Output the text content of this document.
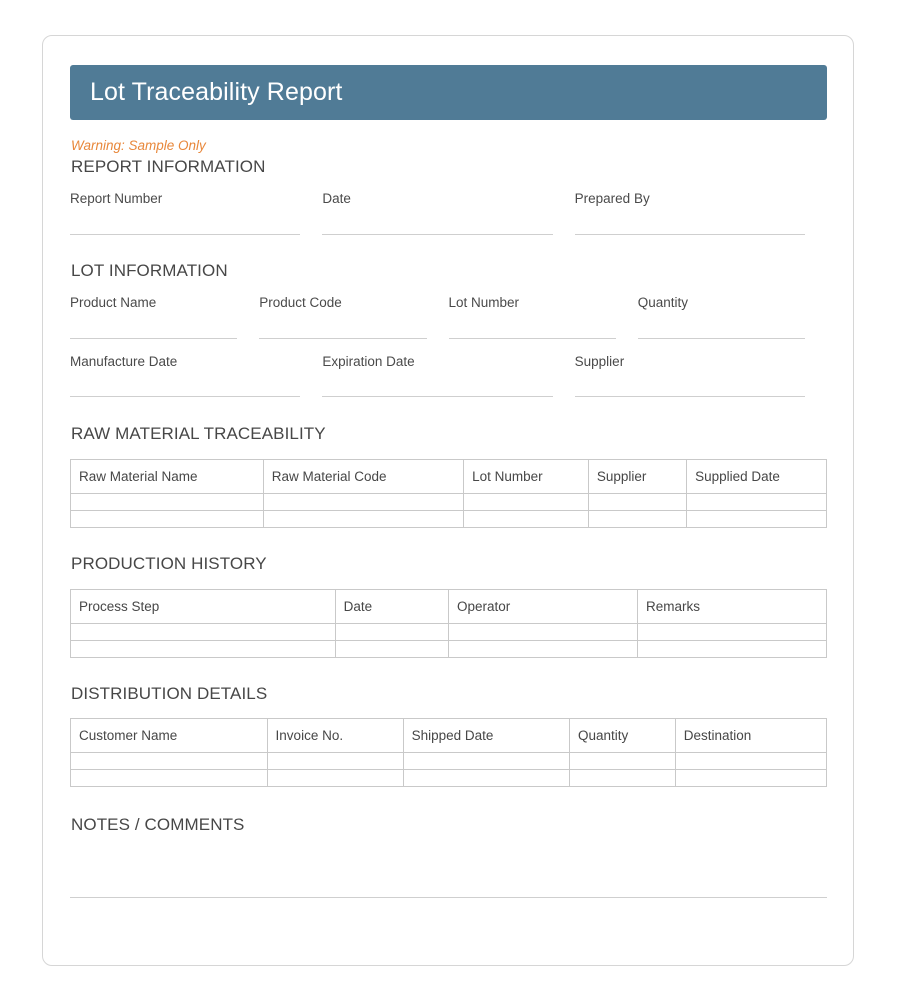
Lot Traceability Report
Warning: Sample Only
REPORT INFORMATION
Report Number	Date	Prepared By
LOT INFORMATION
Product Name	Product Code	Lot Number	Quantity
Manufacture Date	Expiration Date	Supplier
RAW MATERIAL TRACEABILITY
Raw Material Name	Raw Material Code	Lot Number	Supplier	Supplied Date

PRODUCTION HISTORY
Process Step	Date	Operator	Remarks

DISTRIBUTION DETAILS
Customer Name	Invoice No.	Shipped Date	Quantity	Destination

NOTES / COMMENTS
